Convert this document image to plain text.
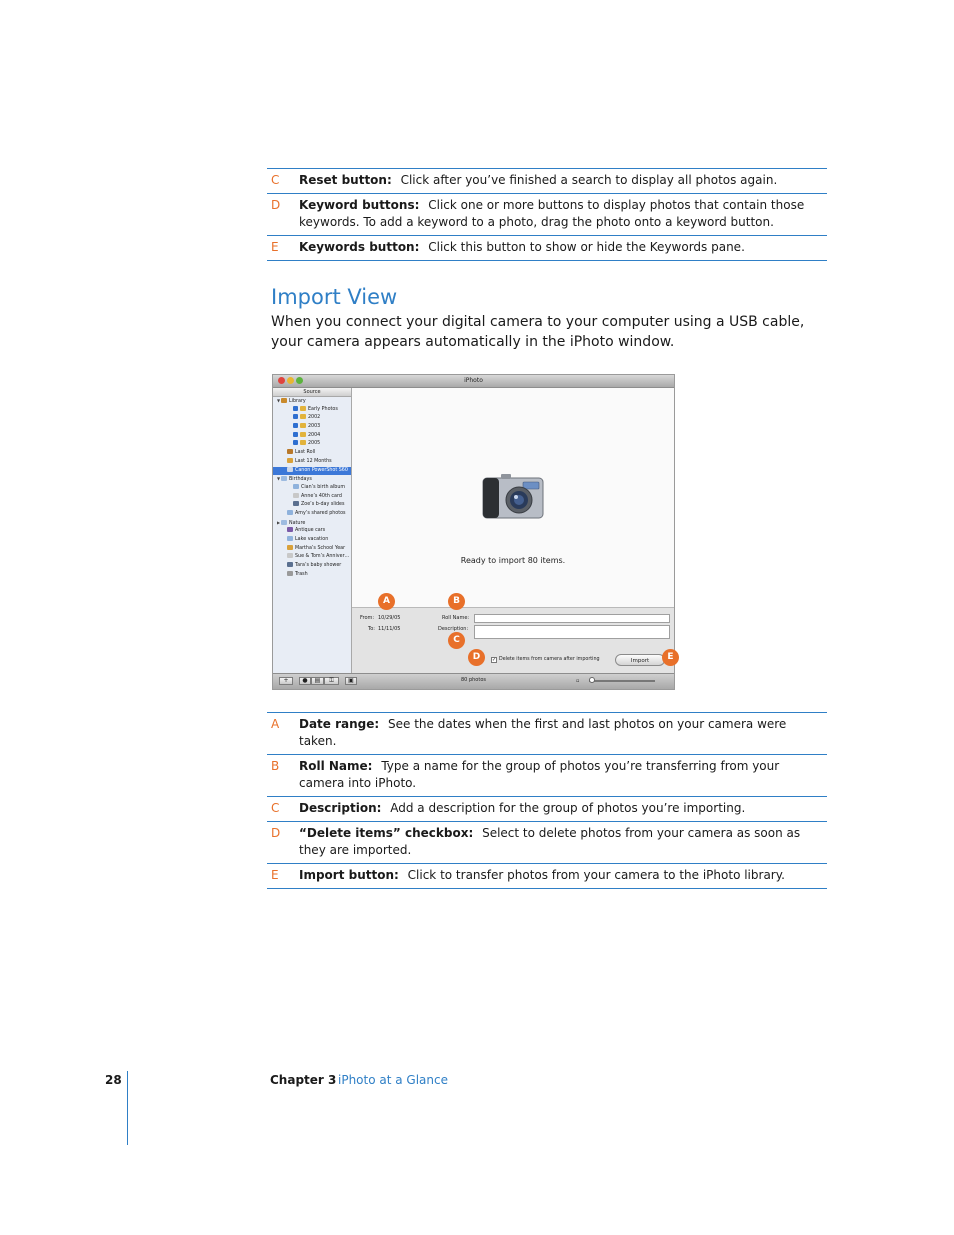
C Reset button: Click after you’ve finished a search to display all photos again.
D Keyword buttons: Click one or more buttons to display photos that contain those keywords. To add a keyword to a photo, drag the photo onto a keyword button.
E Keywords button: Click this button to show or hide the Keywords pane.
Import View

When you connect your digital camera to your computer using a USB cable, your camera appears automatically in the iPhoto window.

iPhoto
Source
▼ Library
Early Photos
2002
2003
2004
2005
Last Roll
Last 12 Months
Canon PowerShot S60
▼ Birthdays
Cian’s birth album
Anne’s 40th card
Zoe’s b-day slides
Amy’s shared photos
▶ Nature
Antique cars
Lake vacation
Martha’s School Year
Sue & Tom’s Anniver…
Tara’s baby shower
Trash
Ready to import 80 items.
From: 10/29/05
To: 11/11/05
Roll Name:
Description:
✓ Delete items from camera after importing	Import
+	●	▤	⚿	▣	80 photos	▫
A	B
C
D	E
A Date range: See the dates when the first and last photos on your camera were taken.
B Roll Name: Type a name for the group of photos you’re transferring from your camera into iPhoto.
C Description: Add a description for the group of photos you’re importing.
D “Delete items” checkbox: Select to delete photos from your camera as soon as they are imported.
E Import button: Click to transfer photos from your camera to the iPhoto library.
28	Chapter 3 iPhoto at a Glance
